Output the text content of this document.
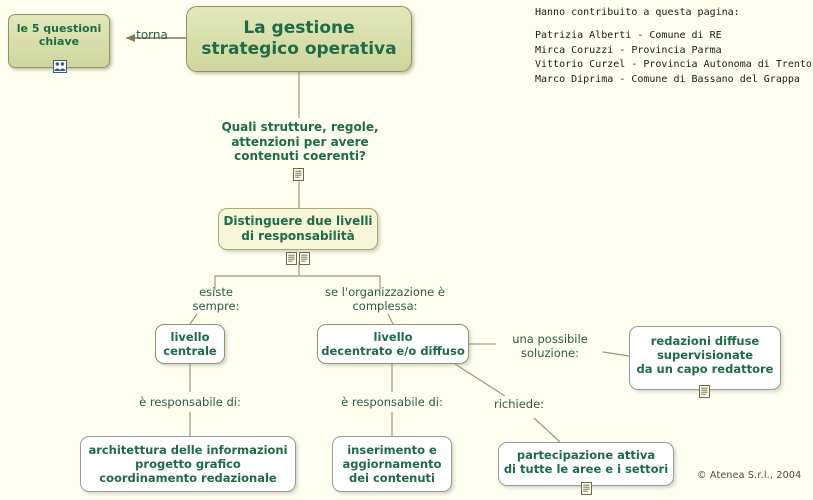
La gestione
strategico operativa
le 5 questioni
chiave	torna
Quali strutture, regole, attenzioni per avere contenuti coerenti?
Distinguere due livelli
di responsabilità
esiste sempre:
se l'organizzazione è complessa:
livello
centrale
livello
decentrato e/o diffuso
una possibile soluzione:
redazioni diffuse
supervisionate
da un capo redattore
è responsabile di:	è responsabile di:	richiede:
architettura delle informazioni
progetto grafico
coordinamento redazionale
inserimento e
aggiornamento
dei contenuti
partecipazione attiva
di tutte le aree e i settori
Hanno contribuito a questa pagina:
Patrizia Alberti - Comune di RE
Mirca Coruzzi - Provincia Parma
Vittorio Curzel - Provincia Autonoma di Trento
Marco Diprima - Comune di Bassano del Grappa
© Atenea S.r.l., 2004
